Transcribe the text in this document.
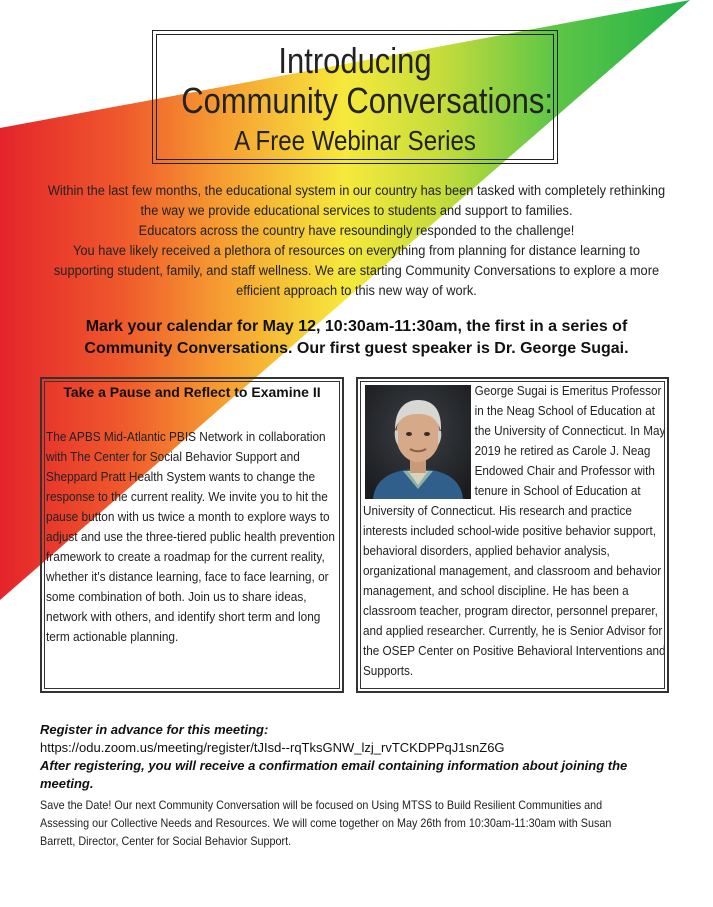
Introducing
Community Conversations:
A Free Webinar Series

Within the last few months, the educational system in our country has been tasked with completely rethinking the way we provide educational services to students and support to families.

Educators across the country have resoundingly responded to the challenge!

You have likely received a plethora of resources on everything from planning for distance learning to supporting student, family, and staff wellness. We are starting Community Conversations to explore a more efficient approach to this new way of work.

Mark your calendar for May 12, 10:30am-11:30am, the first in a series of

Community Conversations. Our first guest speaker is Dr. George Sugai.

Take a Pause and Reflect to Examine II
The APBS Mid-Atlantic PBIS Network in collaboration with The Center for Social Behavior Support and Sheppard Pratt Health System wants to change the response to the current reality. We invite you to hit the pause button with us twice a month to explore ways to adjust and use the three-tiered public health prevention framework to create a roadmap for the current reality, whether it's distance learning, face to face learning, or some combination of both. Join us to share ideas, network with others, and identify short term and long term actionable planning.
George Sugai is Emeritus Professor in the Neag School of Education at the University of Connecticut. In May 2019 he retired as Carole J. Neag Endowed Chair and Professor with tenure in School of Education at University of Connecticut. His research and practice interests included school-wide positive behavior support, behavioral disorders, applied behavior analysis, organizational management, and classroom and behavior management, and school discipline. He has been a classroom teacher, program director, personnel preparer, and applied researcher. Currently, he is Senior Advisor for the OSEP Center on Positive Behavioral Interventions and Supports.
Register in advance for this meeting:
https://odu.zoom.us/meeting/register/tJIsd--rqTksGNW_lzj_rvTCKDPPqJ1snZ6G
After registering, you will receive a confirmation email containing information about joining the meeting.
Save the Date! Our next Community Conversation will be focused on Using MTSS to Build Resilient Communities and Assessing our Collective Needs and Resources. We will come together on May 26th from 10:30am-11:30am with Susan Barrett, Director, Center for Social Behavior Support.
